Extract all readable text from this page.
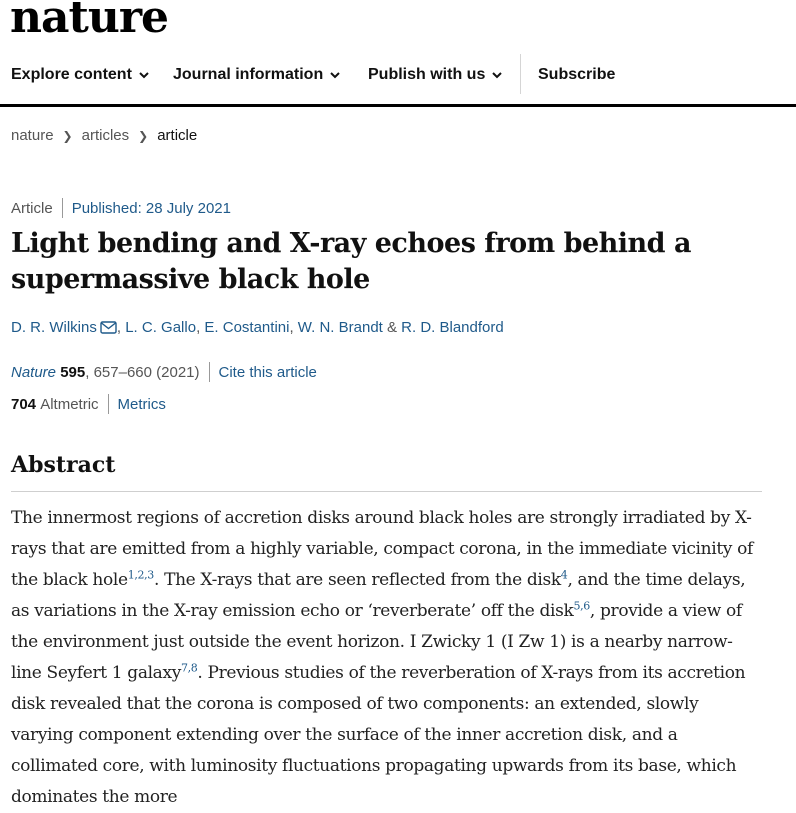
nature
Explore content	Journal information	Publish with us	Subscribe
nature ❯ articles ❯ article
Article Published: 28 July 2021
Light bending and X-ray echoes from behind a supermassive black hole
D. R. Wilkins , L. C. Gallo, E. Costantini, W. N. Brandt & R. D. Blandford
Nature
595 , 657–660 (2021) Cite this article
704
Altmetric Metrics
Abstract

The innermost regions of accretion disks around black holes are strongly irradiated by X-rays that are emitted from a highly variable, compact corona, in the immediate vicinity of the black hole$^{1,2,3}$. The X-rays that are seen reflected from the disk$^4$, and the time delays, as variations in the X-ray emission echo or ‘reverberate’ off the disk$^{5,6}$, provide a view of the environment just outside the event horizon. I Zwicky 1 (I Zw 1) is a nearby narrow-line Seyfert 1 galaxy$^{7,8}$. Previous studies of the reverberation of X-rays from its accretion disk revealed that the corona is composed of two components: an extended, slowly varying component extending over the surface of the inner accretion disk, and a collimated core, with luminosity fluctuations propagating upwards from its base, which dominates the more
